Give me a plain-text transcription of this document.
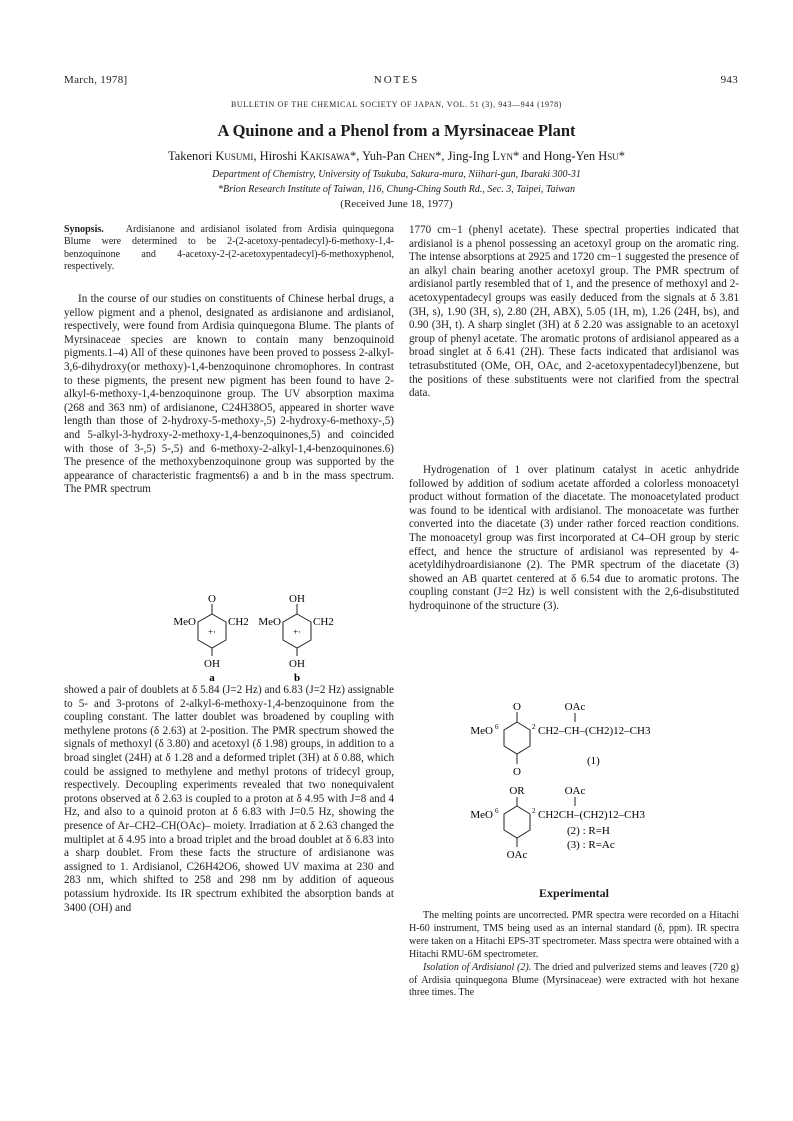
March, 1978]	NOTES	943
BULLETIN OF THE CHEMICAL SOCIETY OF JAPAN, VOL. 51 (3), 943—944 (1978)
A Quinone and a Phenol from a Myrsinaceae Plant
Takenori Kusumi, Hiroshi Kakisawa*, Yuh-Pan Chen*, Jing-Ing Lyn* and Hong-Yen Hsu*
Department of Chemistry, University of Tsukuba, Sakura-mura, Niihari-gun, Ibaraki 300-31
*Brion Research Institute of Taiwan, 116, Chung-Ching South Rd., Sec. 3, Taipei, Taiwan
(Received June 18, 1977)
Synopsis. Ardisianone and ardisianol isolated from Ardisia quinquegona Blume were determined to be 2-(2-acetoxy-pentadecyl)-6-methoxy-1,4-benzoquinone and 4-acetoxy-2-(2-acetoxypentadecyl)-6-methoxyphenol, respectively.

In the course of our studies on constituents of Chinese herbal drugs, a yellow pigment and a phenol, designated as ardisianone and ardisianol, respectively, were found from Ardisia quinquegona Blume. The plants of Myrsinaceae species are known to contain many benzoquinoid pigments.1–4) All of these quinones have been proved to possess 2-alkyl-3,6-dihydroxy(or methoxy)-1,4-benzoquinone chromophores. In contrast to these pigments, the present new pigment has been found to have 2-alkyl-6-methoxy-1,4-benzoquinone group. The UV absorption maxima (268 and 363 nm) of ardisianone, C24H38O5, appeared in shorter wave length than those of 2-hydroxy-5-methoxy-,5) 2-hydroxy-6-methoxy-,5) and 5-alkyl-3-hydroxy-2-methoxy-1,4-benzoquinones,5) and coincided with those of 3-,5) 5-,5) and 6-methoxy-2-alkyl-1,4-benzoquinones.6) The presence of the methoxybenzoquinone group was supported by the appearance of characteristic fragments6) a and b in the mass spectrum. The PMR spectrum

O
MeO	CH2
+·
OH
a
OH
MeO	CH2
+·
OH
b

showed a pair of doublets at δ 5.84 (J=2 Hz) and 6.83 (J=2 Hz) assignable to 5- and 3-protons of 2-alkyl-6-methoxy-1,4-benzoquinone from the coupling constant. The latter doublet was broadened by coupling with methylene protons (δ 2.63) at 2-position. The PMR spectrum showed the signals of methoxyl (δ 3.80) and acetoxyl (δ 1.98) groups, in addition to a broad singlet (24H) at δ 1.28 and a deformed triplet (3H) at δ 0.88, which could be assigned to methylene and methyl protons of tridecyl group, respectively. Decoupling experiments revealed that two nonequivalent protons observed at δ 2.63 is coupled to a proton at δ 4.95 with J=8 and 4 Hz, and also to a quinoid proton at δ 6.83 with J=0.5 Hz, showing the presence of Ar–CH2–CH(OAc)– moiety. Irradiation at δ 2.63 changed the multiplet at δ 4.95 into a broad triplet and the broad doublet at δ 6.83 into a sharp doublet. From these facts the structure of ardisianone was assigned to 1. Ardisianol, C26H42O6, showed UV maxima at 230 and 283 nm, which shifted to 258 and 298 nm by addition of aqueous potassium hydroxide. Its IR spectrum exhibited the absorption bands at 3400 (OH) and

1770 cm−1 (phenyl acetate). These spectral properties indicated that ardisianol is a phenol possessing an acetoxyl group on the aromatic ring. The intense absorptions at 2925 and 1720 cm−1 suggested the presence of an alkyl chain bearing another acetoxyl group. The PMR spectrum of ardisianol partly resembled that of 1, and the presence of methoxyl and 2-acetoxypentadecyl groups was easily deduced from the signals at δ 3.81 (3H, s), 1.90 (3H, s), 2.80 (2H, ABX), 5.05 (1H, m), 1.26 (24H, bs), and 0.90 (3H, t). A sharp singlet (3H) at δ 2.20 was assignable to an acetoxyl group of phenyl acetate. The aromatic protons of ardisianol appeared as a broad singlet at δ 6.41 (2H). These facts indicated that ardisianol was tetrasubstituted (OMe, OH, OAc, and 2-acetoxypentadecyl)benzene, but the positions of these substituents were not clarified from the spectral data.

Hydrogenation of 1 over platinum catalyst in acetic anhydride followed by addition of sodium acetate afforded a colorless monoacetyl product without formation of the diacetate. The monoacetylated product was found to be identical with ardisianol. The monoacetate was further converted into the diacetate (3) under rather forced reaction conditions. The monoacetyl group was first incorporated at C4–OH group by steric effect, and hence the structure of ardisianol was represented by 4-acetyldihydroardisianone (2). The PMR spectrum of the diacetate (3) showed an AB quartet centered at δ 6.54 due to aromatic protons. The coupling constant (J=2 Hz) is well consistent with the 2,6-disubstituted hydroquinone of the structure (3).

O
MeO 6	2 CH2–CH–(CH2)12–CH3
OAc
O
(1)
OR
MeO 6	2 CH2CH–(CH2)12–CH3
OAc
OAc
(2) : R=H
(3) : R=Ac
Experimental

The melting points are uncorrected. PMR spectra were recorded on a Hitachi H-60 instrument, TMS being used as an internal standard (δ, ppm). IR spectra were taken on a Hitachi EPS-3T spectrometer. Mass spectra were obtained with a Hitachi RMU-6M spectrometer.

Isolation of Ardisianol (2). The dried and pulverized stems and leaves (720 g) of Ardisia quinquegona Blume (Myrsinaceae) were extracted with hot hexane three times. The
